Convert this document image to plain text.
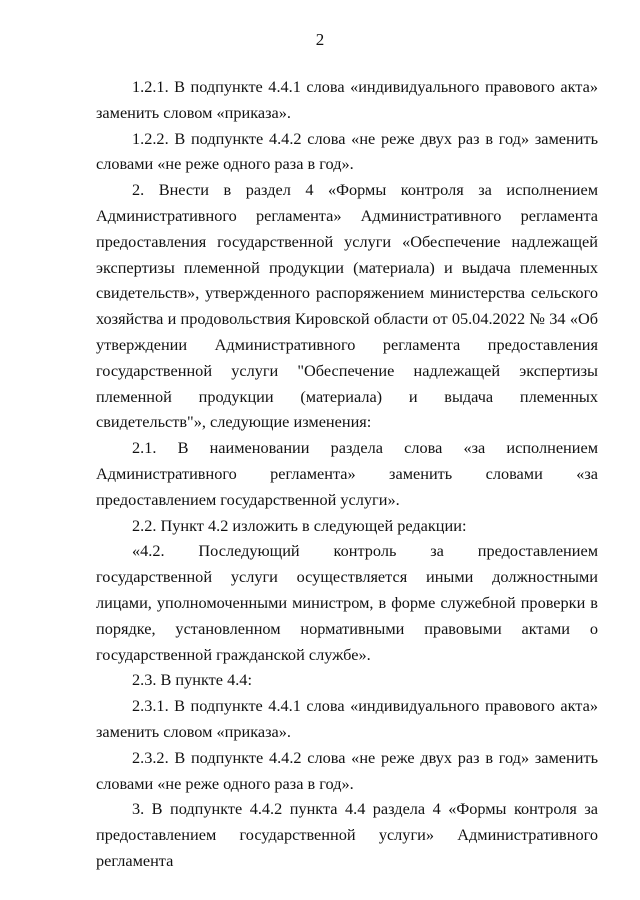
2

1.2.1. В подпункте 4.4.1 слова «индивидуального правового акта» заменить словом «приказа».

1.2.2. В подпункте 4.4.2 слова «не реже двух раз в год» заменить словами «не реже одного раза в год».

2. Внести в раздел 4 «Формы контроля за исполнением Административного регламента» Административного регламента предоставления государственной услуги «Обеспечение надлежащей экспертизы племенной продукции (материала) и выдача племенных свидетельств», утвержденного распоряжением министерства сельского хозяйства и продовольствия Кировской области от 05.04.2022 № 34 «Об утверждении Административного регламента предоставления государственной услуги "Обеспечение надлежащей экспертизы племенной продукции (материала) и выдача племенных свидетельств"», следующие изменения:

2.1. В наименовании раздела слова «за исполнением Административного регламента» заменить словами «за предоставлением государственной услуги».

2.2. Пункт 4.2 изложить в следующей редакции:

«4.2. Последующий контроль за предоставлением государственной услуги осуществляется иными должностными лицами, уполномоченными министром, в форме служебной проверки в порядке, установленном нормативными правовыми актами о государственной гражданской службе».

2.3. В пункте 4.4:

2.3.1. В подпункте 4.4.1 слова «индивидуального правового акта» заменить словом «приказа».

2.3.2. В подпункте 4.4.2 слова «не реже двух раз в год» заменить словами «не реже одного раза в год».

3. В подпункте 4.4.2 пункта 4.4 раздела 4 «Формы контроля за предоставлением государственной услуги» Административного регламента
